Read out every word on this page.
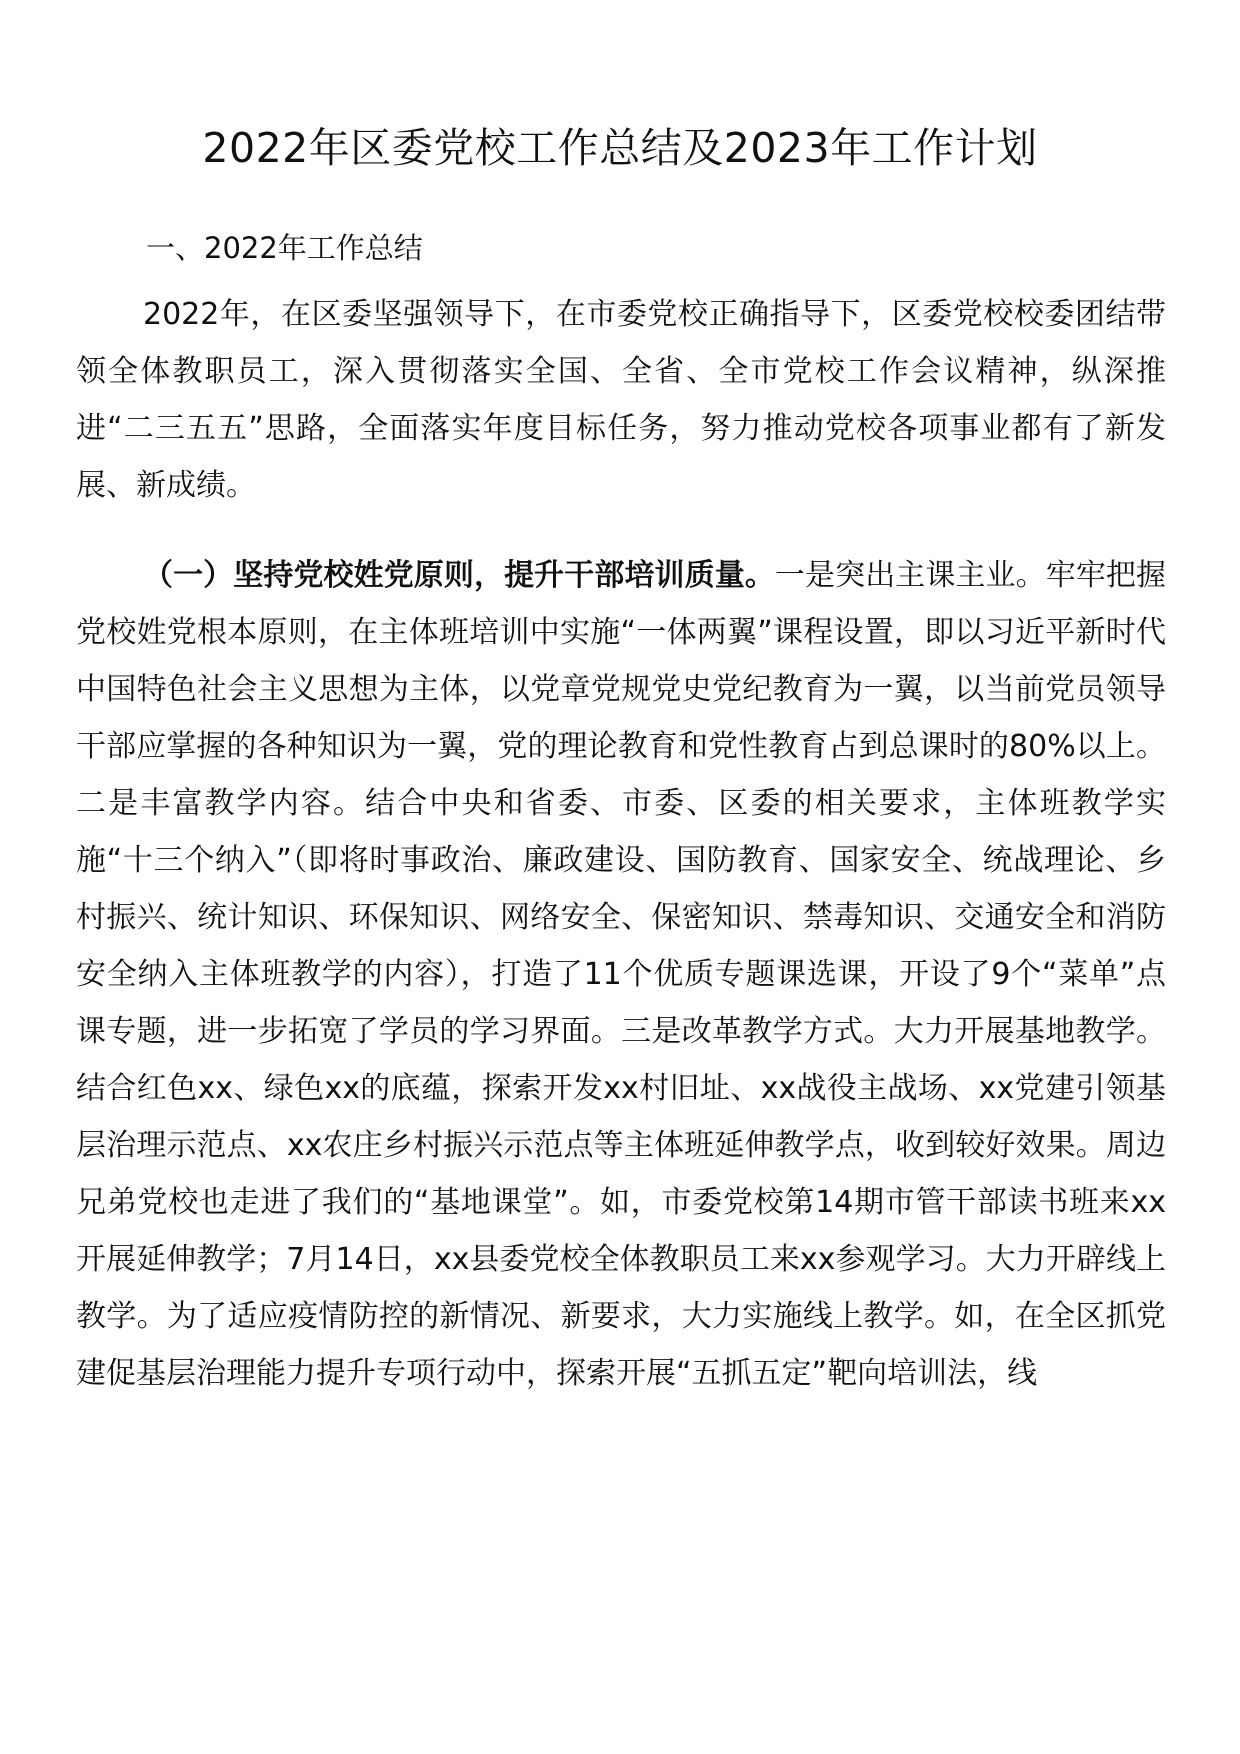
2022年区委党校工作总结及2023年工作计划

一、2022年工作总结

2022年，在区委坚强领导下，在市委党校正确指导下，区委党校校委团结带领全体教职员工，深入贯彻落实全国、全省、全市党校工作会议精神，纵深推进“二三五五”思路，全面落实年度目标任务，努力推动党校各项事业都有了新发展、新成绩。

（一）坚持党校姓党原则，提升干部培训质量。一是突出主课主业。牢牢把握党校姓党根本原则，在主体班培训中实施“一体两翼”课程设置，即以习近平新时代中国特色社会主义思想为主体，以党章党规党史党纪教育为一翼，以当前党员领导干部应掌握的各种知识为一翼，党的理论教育和党性教育占到总课时的80%以上。二是丰富教学内容。结合中央和省委、市委、区委的相关要求，主体班教学实施“十三个纳入”（即将时事政治、廉政建设、国防教育、国家安全、统战理论、乡村振兴、统计知识、环保知识、网络安全、保密知识、禁毒知识、交通安全和消防安全纳入主体班教学的内容），打造了11个优质专题课选课，开设了9个“菜单”点课专题，进一步拓宽了学员的学习界面。三是改革教学方式。大力开展基地教学。结合红色xx、绿色xx的底蕴，探索开发xx村旧址、xx战役主战场、xx党建引领基层治理示范点、xx农庄乡村振兴示范点等主体班延伸教学点，收到较好效果。周边兄弟党校也走进了我们的“基地课堂”。如，市委党校第14期市管干部读书班来xx开展延伸教学；7月14日，xx县委党校全体教职员工来xx参观学习。大力开辟线上教学。为了适应疫情防控的新情况、新要求，大力实施线上教学。如，在全区抓党建促基层治理能力提升专项行动中，探索开展“五抓五定”靶向培训法，线
